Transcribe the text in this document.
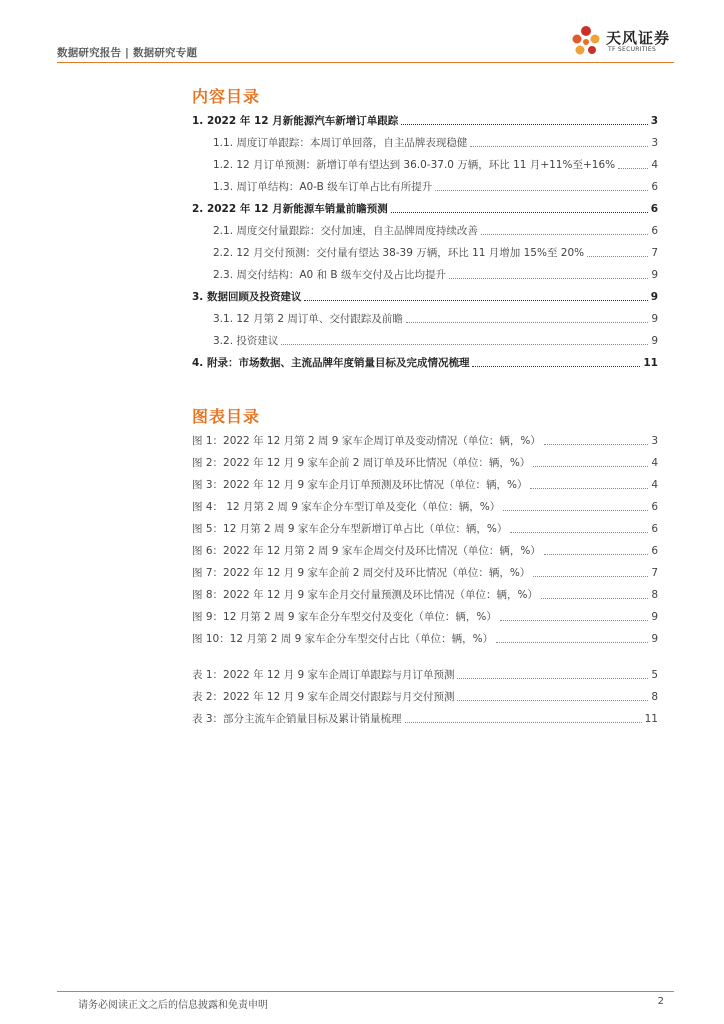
数据研究报告 | 数据研究专题
天风证券
TF SECURITIES
内容目录
1. 2022 年 12 月新能源汽车新增订单跟踪	3
1.1. 周度订单跟踪：本周订单回落，自主品牌表现稳健	3
1.2. 12 月订单预测：新增订单有望达到 36.0-37.0 万辆，环比 11 月+11%至+16%	4
1.3. 周订单结构：A0-B 级车订单占比有所提升	6
2. 2022 年 12 月新能源车销量前瞻预测	6
2.1. 周度交付量跟踪：交付加速，自主品牌周度持续改善	6
2.2. 12 月交付预测：交付量有望达 38-39 万辆，环比 11 月增加 15%至 20%	7
2.3. 周交付结构：A0 和 B 级车交付及占比均提升	9
3. 数据回顾及投资建议	9
3.1. 12 月第 2 周订单、交付跟踪及前瞻	9
3.2. 投资建议	9
4. 附录：市场数据、主流品牌年度销量目标及完成情况梳理	11
图表目录
图 1：2022 年 12 月第 2 周 9 家车企周订单及变动情况（单位：辆，%）	3
图 2：2022 年 12 月 9 家车企前 2 周订单及环比情况（单位：辆，%）	4
图 3：2022 年 12 月 9 家车企月订单预测及环比情况（单位：辆，%）	4
图 4： 12 月第 2 周 9 家车企分车型订单及变化（单位：辆，%）	6
图 5：12 月第 2 周 9 家车企分车型新增订单占比（单位：辆，%）	6
图 6：2022 年 12 月第 2 周 9 家车企周交付及环比情况（单位：辆，%）	6
图 7：2022 年 12 月 9 家车企前 2 周交付及环比情况（单位：辆，%）	7
图 8：2022 年 12 月 9 家车企月交付量预测及环比情况（单位：辆，%）	8
图 9：12 月第 2 周 9 家车企分车型交付及变化（单位：辆，%）	9
图 10：12 月第 2 周 9 家车企分车型交付占比（单位：辆，%）	9
表 1：2022 年 12 月 9 家车企周订单跟踪与月订单预测	5
表 2：2022 年 12 月 9 家车企周交付跟踪与月交付预测	8
表 3：部分主流车企销量目标及累计销量梳理	11
请务必阅读正文之后的信息披露和免责申明	2
